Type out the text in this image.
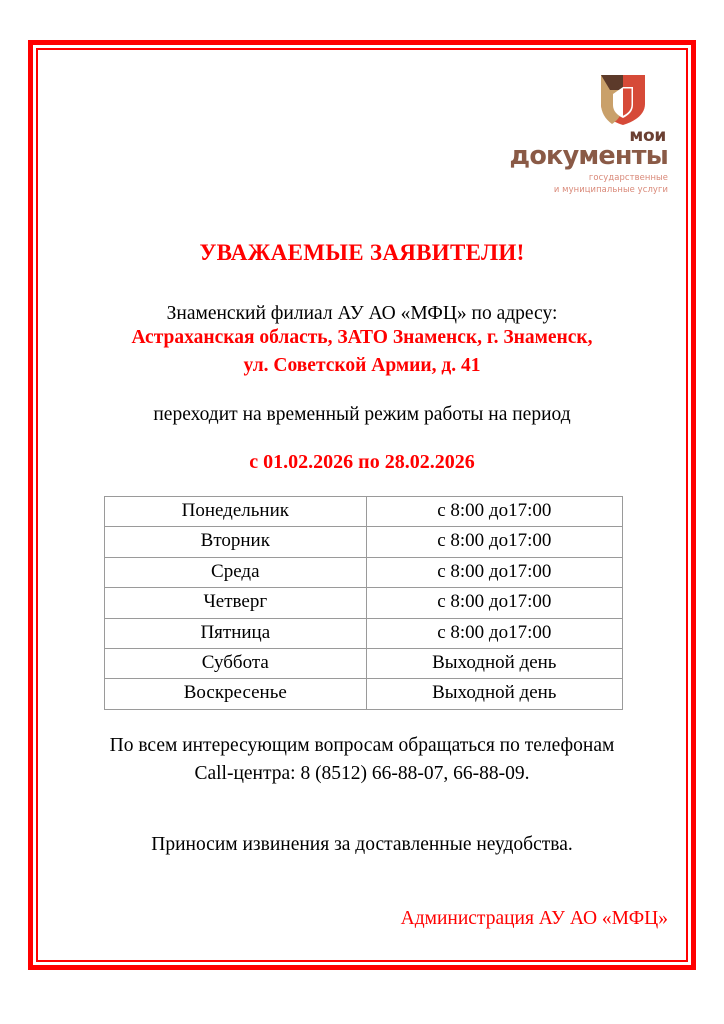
мои
документы
государственные
и муниципальные услуги
УВАЖАЕМЫЕ ЗАЯВИТЕЛИ!
Знаменский филиал АУ АО «МФЦ» по адресу:
Астраханская область, ЗАТО Знаменск, г. Знаменск,
ул. Советской Армии, д. 41
переходит на временный режим работы на период
с 01.02.2026 по 28.02.2026
Понедельник	с 8:00 до17:00
Вторник	с 8:00 до17:00
Среда	с 8:00 до17:00
Четверг	с 8:00 до17:00
Пятница	с 8:00 до17:00
Суббота	Выходной день
Воскресенье	Выходной день
По всем интересующим вопросам обращаться по телефонам
Call-центра: 8 (8512) 66-88-07, 66-88-09.
Приносим извинения за доставленные неудобства.
Администрация АУ АО «МФЦ»
